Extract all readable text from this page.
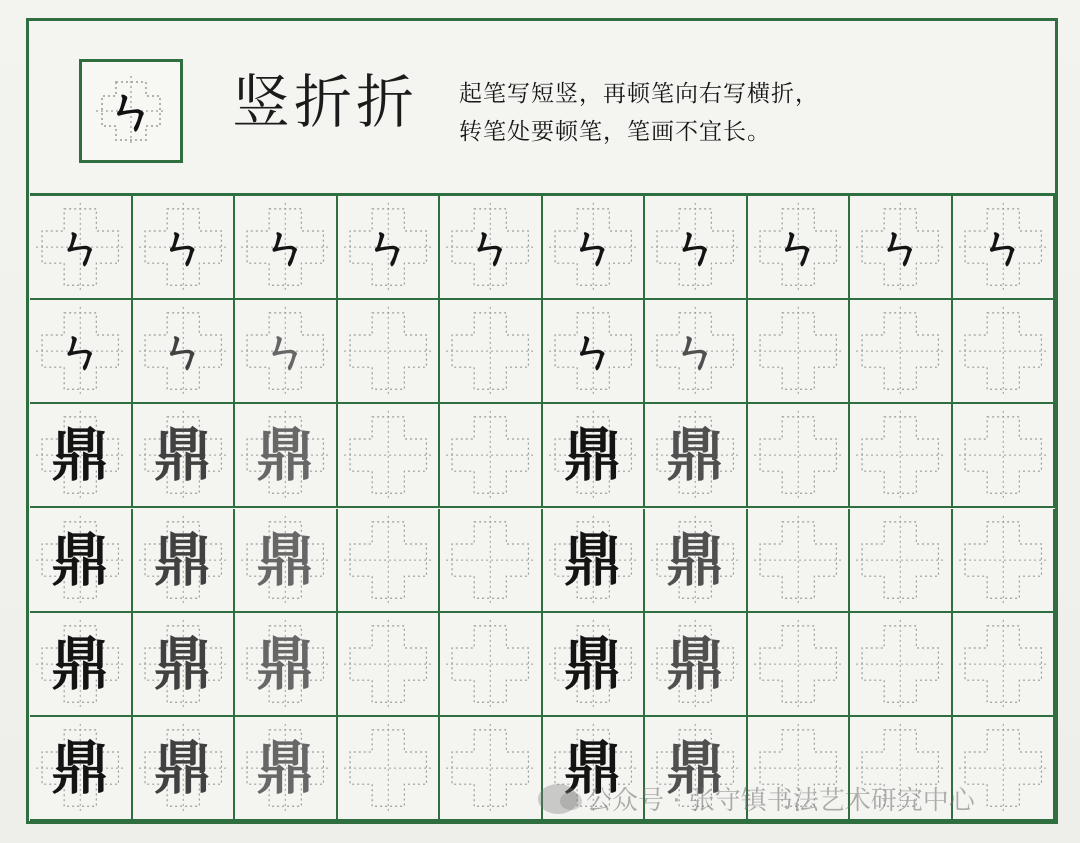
ㄣ	竖折折 起笔写短竖，再顿笔向右写横折，
转笔处要顿笔，笔画不宜长。
ㄣ	ㄣ	ㄣ	ㄣ	ㄣ	ㄣ	ㄣ	ㄣ	ㄣ	ㄣ
ㄣ	ㄣ	ㄣ	ㄣ	ㄣ
鼎 鼎 鼎	鼎 鼎
鼎 鼎 鼎	鼎 鼎
鼎 鼎 鼎	鼎 鼎
鼎 鼎 鼎	鼎 鼎
公众号 · 张守镇书法艺术研究中心
